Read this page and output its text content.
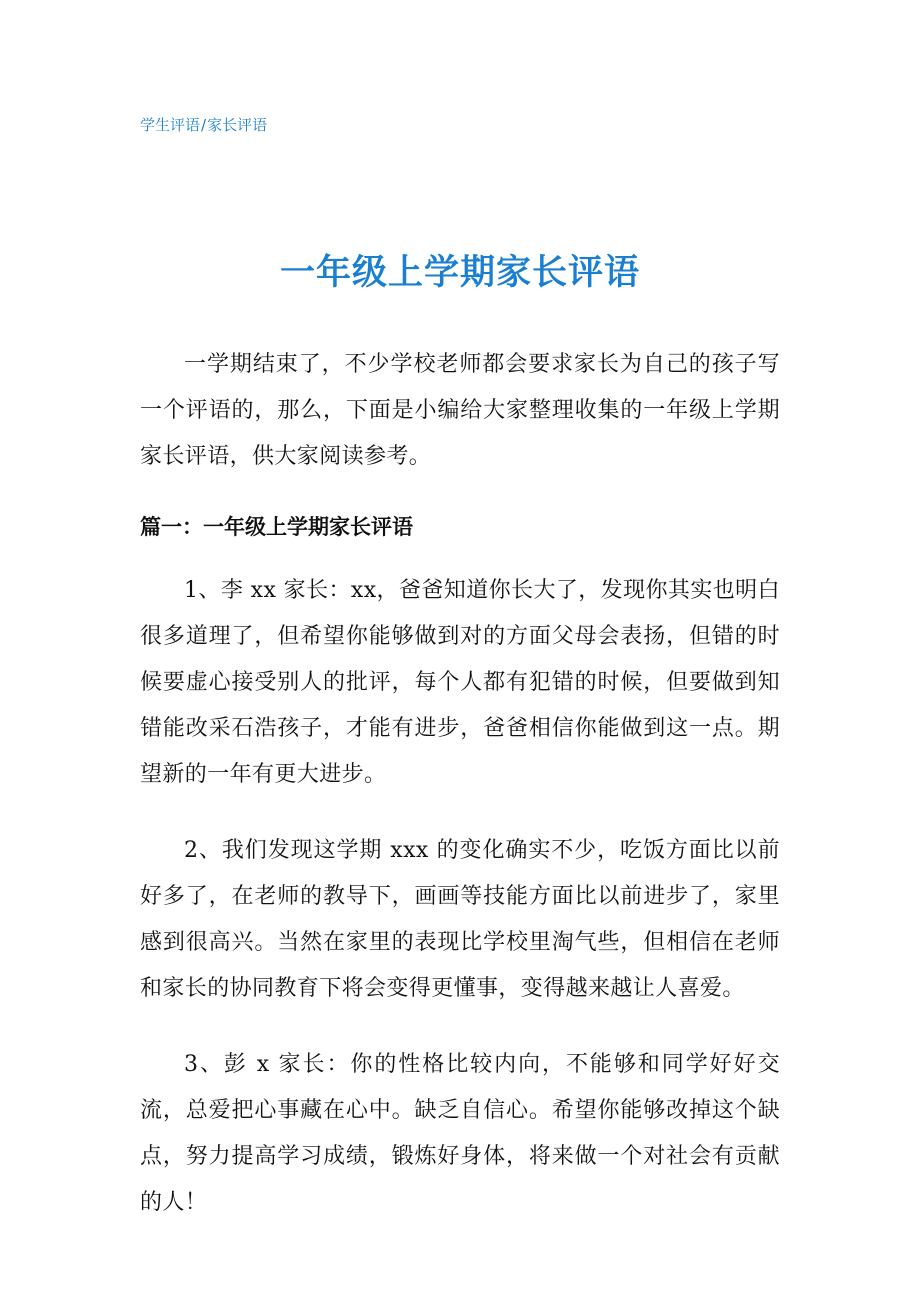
学生评语/家长评语
一年级上学期家长评语

一学期结束了，不少学校老师都会要求家长为自己的孩子写一个评语的，那么，下面是小编给大家整理收集的一年级上学期家长评语，供大家阅读参考。

篇一：一年级上学期家长评语

1、李 xx 家长：xx，爸爸知道你长大了，发现你其实也明白很多道理了，但希望你能够做到对的方面父母会表扬，但错的时候要虚心接受别人的批评，每个人都有犯错的时候，但要做到知错能改采石浩孩子，才能有进步，爸爸相信你能做到这一点。期望新的一年有更大进步。

2、我们发现这学期 xxx 的变化确实不少，吃饭方面比以前好多了，在老师的教导下，画画等技能方面比以前进步了，家里感到很高兴。当然在家里的表现比学校里淘气些，但相信在老师和家长的协同教育下将会变得更懂事，变得越来越让人喜爱。

3、彭 x 家长：你的性格比较内向，不能够和同学好好交流，总爱把心事藏在心中。缺乏自信心。希望你能够改掉这个缺点，努力提高学习成绩，锻炼好身体，将来做一个对社会有贡献的人！
